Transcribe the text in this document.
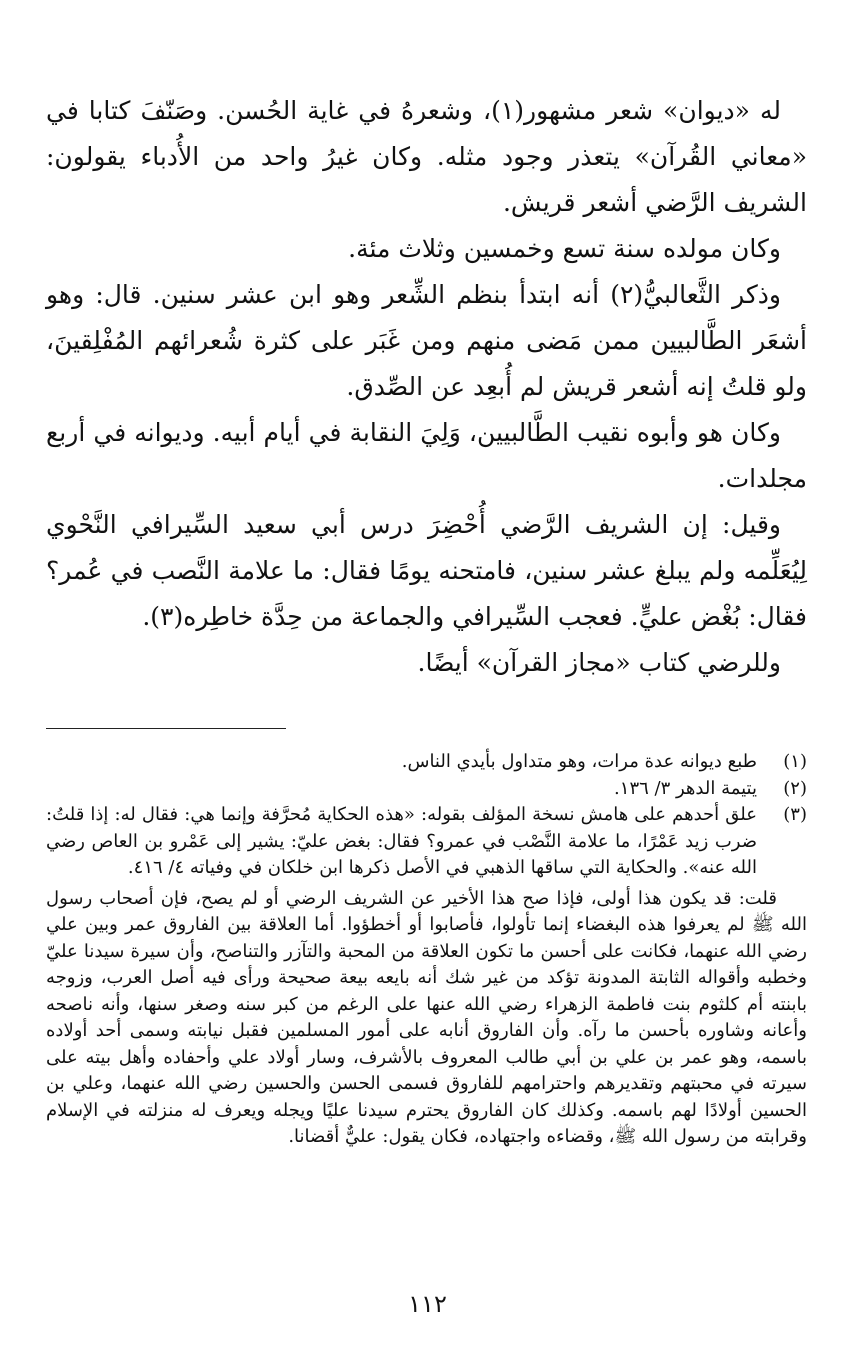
له «ديوان» شعر مشهور(١)، وشعرهُ في غاية الحُسن. وصَنّفَ كتابا في «معاني القُرآن» يتعذر وجود مثله. وكان غيرُ واحد من الأُدباء يقولون: الشريف الرَّضي أشعر قريش.

وكان مولده سنة تسع وخمسين وثلاث مئة.

وذكر الثَّعالبيُّ(٢) أنه ابتدأ بنظم الشِّعر وهو ابن عشر سنين. قال: وهو أشعَر الطَّالبيين ممن مَضى منهم ومن غَبَر على كثرة شُعرائهم المُفْلِقينَ، ولو قلتُ إنه أشعر قريش لم أُبعِد عن الصِّدق.

وكان هو وأبوه نقيب الطَّالبيين، وَلِيَ النقابة في أيام أبيه. وديوانه في أربع مجلدات.

وقيل: إن الشريف الرَّضي أُحْضِرَ درس أبي سعيد السِّيرافي النَّحْوي لِيُعَلِّمه ولم يبلغ عشر سنين، فامتحنه يومًا فقال: ما علامة النَّصب في عُمر؟ فقال: بُغْض عليٍّ. فعجب السِّيرافي والجماعة من حِدَّة خاطِره(٣).

وللرضي كتاب «مجاز القرآن» أيضًا.

(١)

طبع ديوانه عدة مرات، وهو متداول بأيدي الناس.

(٢)

يتيمة الدهر ٣/ ١٣٦.

(٣)

علق أحدهم على هامش نسخة المؤلف بقوله: «هذه الحكاية مُحرَّفة وإنما هي: فقال له: إذا قلتُ: ضرب زيد عَمْرًا، ما علامة النَّصْب في عمرو؟ فقال: بغض عليّ: يشير إلى عَمْرو بن العاص رضي الله عنه». والحكاية التي ساقها الذهبي في الأصل ذكرها ابن خلكان في وفياته ٤/ ٤١٦.

قلت: قد يكون هذا أولى، فإذا صح هذا الأخير عن الشريف الرضي أو لم يصح، فإن أصحاب رسول الله ﷺ لم يعرفوا هذه البغضاء إنما تأولوا، فأصابوا أو أخطؤوا. أما العلاقة بين الفاروق عمر وبين علي رضي الله عنهما، فكانت على أحسن ما تكون العلاقة من المحبة والتآزر والتناصح، وأن سيرة سيدنا عليّ وخطبه وأقواله الثابتة المدونة تؤكد من غير شك أنه بايعه بيعة صحيحة ورأى فيه أصل العرب، وزوجه بابنته أم كلثوم بنت فاطمة الزهراء رضي الله عنها على الرغم من كبر سنه وصغر سنها، وأنه ناصحه وأعانه وشاوره بأحسن ما رآه. وأن الفاروق أنابه على أمور المسلمين فقبل نيابته وسمى أحد أولاده باسمه، وهو عمر بن علي بن أبي طالب المعروف بالأشرف، وسار أولاد علي وأحفاده وأهل بيته على سيرته في محبتهم وتقديرهم واحترامهم للفاروق فسمى الحسن والحسين رضي الله عنهما، وعلي بن الحسين أولادًا لهم باسمه. وكذلك كان الفاروق يحترم سيدنا عليًا ويجله ويعرف له منزلته في الإسلام وقرابته من رسول الله ﷺ، وقضاءه واجتهاده، فكان يقول: عليٌّ أقضانا.

١١٢
